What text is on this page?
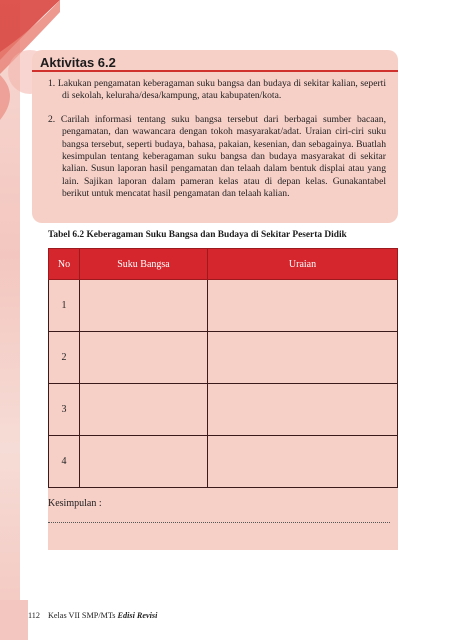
Aktivitas 6.2

1. Lakukan pengamatan keberagaman suku bangsa dan budaya di sekitar kalian, seperti di sekolah, keluraha/desa/kampung, atau kabupaten/kota.

2. Carilah informasi tentang suku bangsa tersebut dari berbagai sumber bacaan, pengamatan, dan wawancara dengan tokoh masyarakat/adat. Uraian ciri-ciri suku bangsa tersebut, seperti budaya, bahasa, pakaian, kesenian, dan sebagainya. Buatlah kesimpulan tentang keberagaman suku bangsa dan budaya masyarakat di sekitar kalian. Susun laporan hasil pengamatan dan telaah dalam bentuk displai atau yang lain. Sajikan laporan dalam pameran kelas atau di depan kelas. Gunakantabel berikut untuk mencatat hasil pengamatan dan telaah kalian.

Tabel 6.2 Keberagaman Suku Bangsa dan Budaya di Sekitar Peserta Didik
No	Suku Bangsa	Uraian
1		
2		
3		
4		
Kesimpulan :
112 Kelas VII SMP/MTs Edisi Revisi
